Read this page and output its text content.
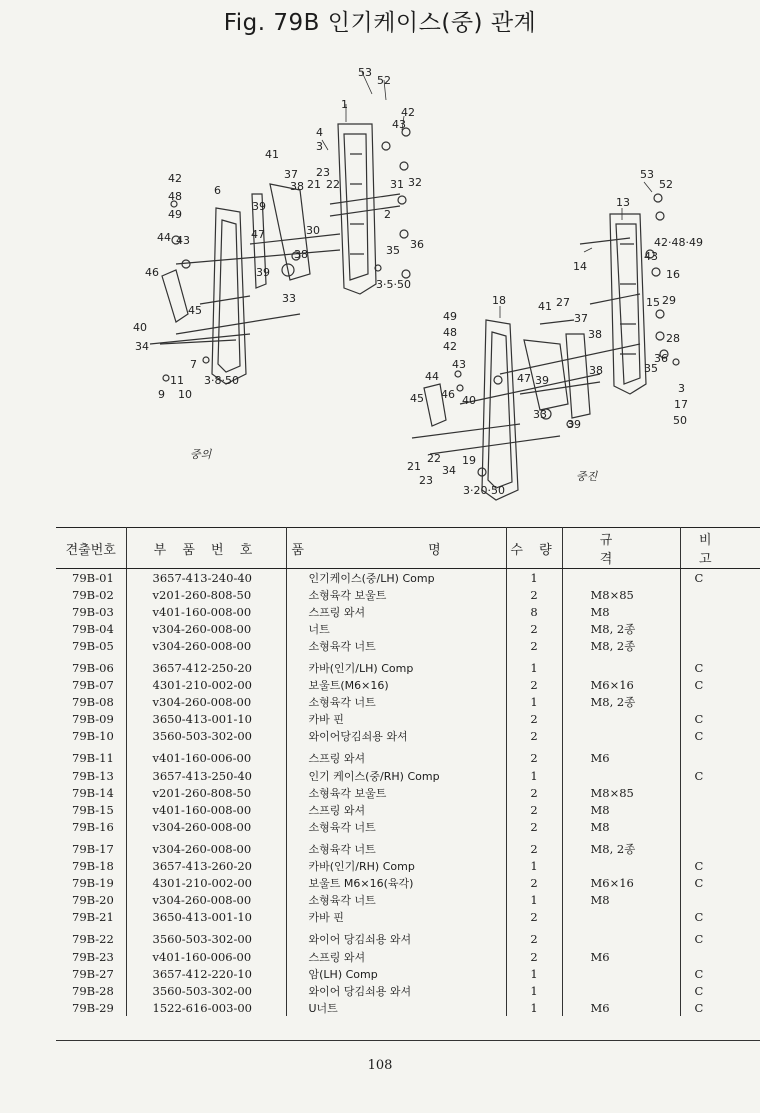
Fig. 79B 인기케이스(중) 관계
53
52
1
42
43
4
3
41
37
38
23
22
21	31 32
42
48
49
6
39
47	30
2
44 43	36
35
46	39
38
33
3·5·50
45
40
34
7
11
9 10
3·8·50
53
52
13
14
42·48·49
43
16
18	41 27	15 29
49
48
37
42
38	28
36
43
47 39
38	35
44
40
45 46
33
39
3
17
50
21
22 19
34
23
3·20·50
중의
중진
견출번호	부 품 번 호	품 명	수 량	규 격	비 고
79B-01	3657-413-240-40	인기케이스(중/LH) Comp	1		C
79B-02	v201-260-808-50	소형육각 보울트	2	M8×85	
79B-03	v401-160-008-00	스프링 와셔	8	M8	
79B-04	v304-260-008-00	너트	2	M8, 2종	
79B-05	v304-260-008-00	소형육각 너트	2	M8, 2종	
79B-06	3657-412-250-20	카바(인기/LH) Comp	1		C
79B-07	4301-210-002-00	보울트(M6×16)	2	M6×16	C
79B-08	v304-260-008-00	소형육각 너트	1	M8, 2종	
79B-09	3650-413-001-10	카바 핀	2		C
79B-10	3560-503-302-00	와이어당김쇠용 와셔	2		C
79B-11	v401-160-006-00	스프링 와셔	2	M6	
79B-13	3657-413-250-40	인기 케이스(중/RH) Comp	1		C
79B-14	v201-260-808-50	소형육각 보울트	2	M8×85	
79B-15	v401-160-008-00	스프링 와셔	2	M8	
79B-16	v304-260-008-00	소형육각 너트	2	M8	
79B-17	v304-260-008-00	소형육각 너트	2	M8, 2종	
79B-18	3657-413-260-20	카바(인기/RH) Comp	1		C
79B-19	4301-210-002-00	보울트 M6×16(육각)	2	M6×16	C
79B-20	v304-260-008-00	소형육각 너트	1	M8	
79B-21	3650-413-001-10	카바 핀	2		C
79B-22	3560-503-302-00	와이어 당김쇠용 와셔	2		C
79B-23	v401-160-006-00	스프링 와셔	2	M6	
79B-27	3657-412-220-10	암(LH) Comp	1		C
79B-28	3560-503-302-00	와이어 당김쇠용 와셔	1		C
79B-29	1522-616-003-00	U너트	1	M6	C
108
